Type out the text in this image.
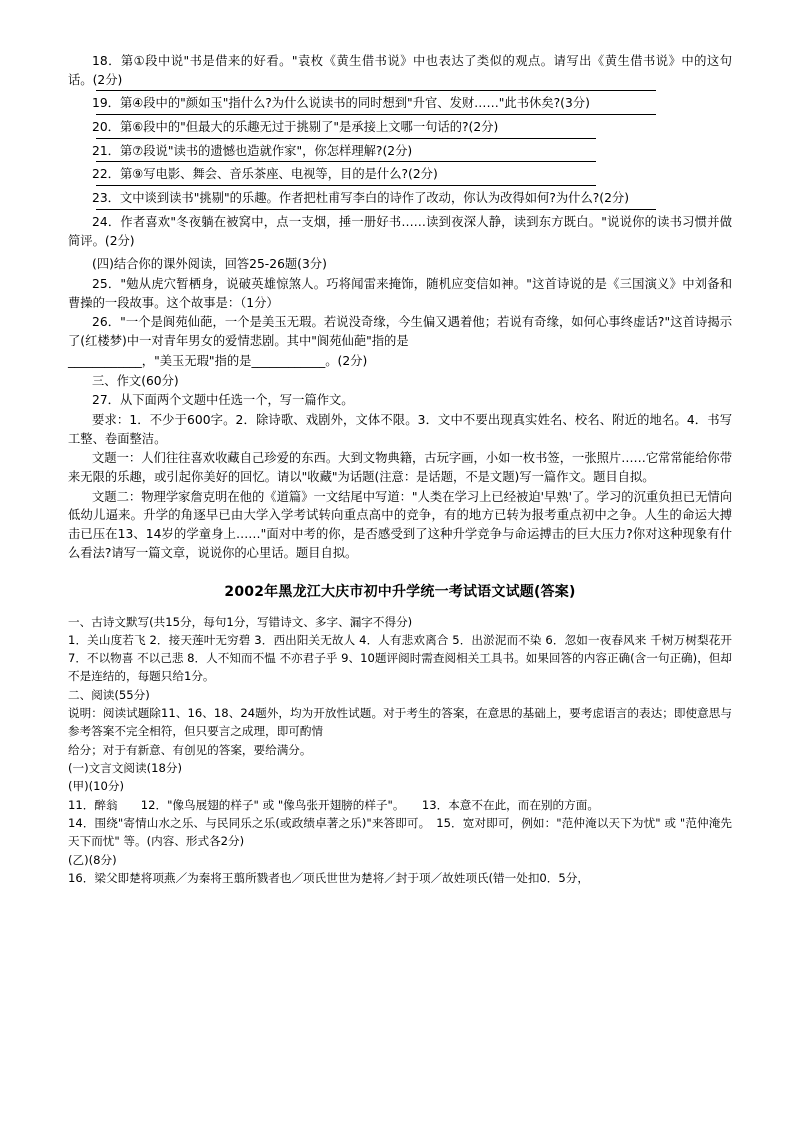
18．第①段中说"书是借来的好看。"袁枚《黄生借书说》中也表达了类似的观点。请写出《黄生借书说》中的这句话。(2分)

19．第④段中的"颜如玉"指什么?为什么说读书的同时想到"升官、发财……"此书休矣?(3分)

20．第⑥段中的"但最大的乐趣无过于挑剔了"是承接上文哪一句话的?(2分)

21．第⑦段说"读书的遗憾也造就作家"，你怎样理解?(2分)

22．第⑨写电影、舞会、音乐茶座、电视等，目的是什么?(2分)

23．文中谈到读书"挑剔"的乐趣。作者把杜甫写李白的诗作了改动，你认为改得如何?为什么?(2分)

24．作者喜欢"冬夜躺在被窝中，点一支烟，捶一册好书……读到夜深人静，读到东方既白。"说说你的读书习惯并做简评。(2分)

(四)结合你的课外阅读，回答25-26题(3分)

25．"勉从虎穴暂栖身，说破英雄惊煞人。巧将闻雷来掩饰，随机应变信如神。"这首诗说的是《三国演义》中刘备和曹操的一段故事。这个故事是：（1分）

26．"一个是阆苑仙葩，一个是美玉无瑕。若说没奇缘，今生偏又遇着他；若说有奇缘，如何心事终虚话?"这首诗揭示了(红楼梦)中一对青年男女的爱情悲剧。其中"阆苑仙葩"指的是

____________，"美玉无瑕"指的是____________。(2分)

三、作文(60分)

27．从下面两个文题中任选一个，写一篇作文。

要求：1．不少于600字。2．除诗歌、戏剧外，文体不限。3．文中不要出现真实姓名、校名、附近的地名。4．书写工整、卷面整洁。

文题一：人们往往喜欢收藏自己珍爱的东西。大到文物典籍，古玩字画，小如一枚书签，一张照片……它常常能给你带来无限的乐趣，或引起你美好的回忆。请以"收藏"为话题(注意：是话题，不是文题)写一篇作文。题目自拟。

文题二：物理学家詹克明在他的《道篇》一文结尾中写道："人类在学习上已经被迫'早熟'了。学习的沉重负担已无情向低幼儿逼来。升学的角逐早已由大学入学考试转向重点高中的竞争，有的地方已转为报考重点初中之争。人生的命运大搏击已压在13、14岁的学童身上……"面对中考的你，是否感受到了这种升学竞争与命运搏击的巨大压力?你对这种现象有什么看法?请写一篇文章，说说你的心里话。题目自拟。

2002年黑龙江大庆市初中升学统一考试语文试题(答案)

一、古诗文默写(共15分，每句1分，写错诗文、多字、漏字不得分)

1．关山度若飞 2．接天莲叶无穷碧 3．西出阳关无故人 4．人有悲欢离合 5．出淤泥而不染 6．忽如一夜春风来 千树万树梨花开 7．不以物喜 不以己悲 8．人不知而不愠 不亦君子乎 9、10题评阅时需查阅相关工具书。如果回答的内容正确(含一句正确)，但却不是连结的，每题只给1分。

二、阅读(55分)

说明：阅读试题除11、16、18、24题外，均为开放性试题。对于考生的答案，在意思的基础上，要考虑语言的表达；即使意思与参考答案不完全相符，但只要言之成理，即可酌情

给分；对于有新意、有创见的答案，要给满分。

(一)文言文阅读(18分)

(甲)(10分)

11．醉翁　　12．"像鸟展翅的样子" 或 "像鸟张开翅膀的样子"。　　13．本意不在此，而在别的方面。

14．围绕"寄情山水之乐、与民同乐之乐(或政绩卓著之乐)"来答即可。　15．宽对即可，例如："范仲淹以天下为忧" 或 "范仲淹先天下而忧" 等。(内容、形式各2分)

(乙)(8分)

16．梁父即楚将项燕／为秦将王翦所戮者也／项氏世世为楚将／封于项／故姓项氏(错一处扣0．5分，
